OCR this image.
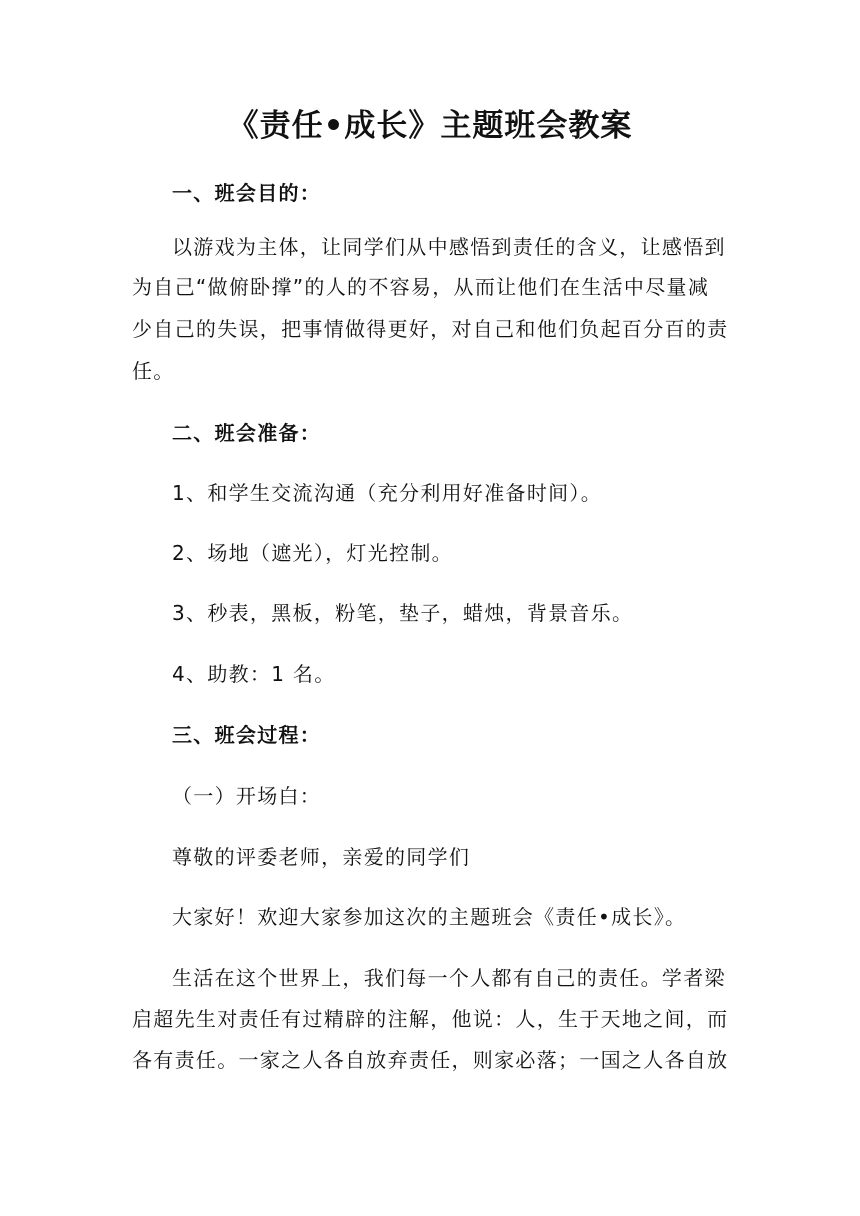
《责任•成长》主题班会教案
一、班会目的：
以游戏为主体，让同学们从中感悟到责任的含义，让感悟到
为自己“做俯卧撑”的人的不容易，从而让他们在生活中尽量减
少自己的失误，把事情做得更好，对自己和他们负起百分百的责
任。
二、班会准备：
1、和学生交流沟通（充分利用好准备时间）。
2、场地（遮光），灯光控制。
3、秒表，黑板，粉笔，垫子，蜡烛，背景音乐。
4、助教：1 名。
三、班会过程：
（一）开场白：
尊敬的评委老师，亲爱的同学们
大家好！欢迎大家参加这次的主题班会《责任•成长》。
生活在这个世界上，我们每一个人都有自己的责任。学者梁
启超先生对责任有过精辟的注解，他说：人，生于天地之间，而
各有责任。一家之人各自放弃责任，则家必落；一国之人各自放
